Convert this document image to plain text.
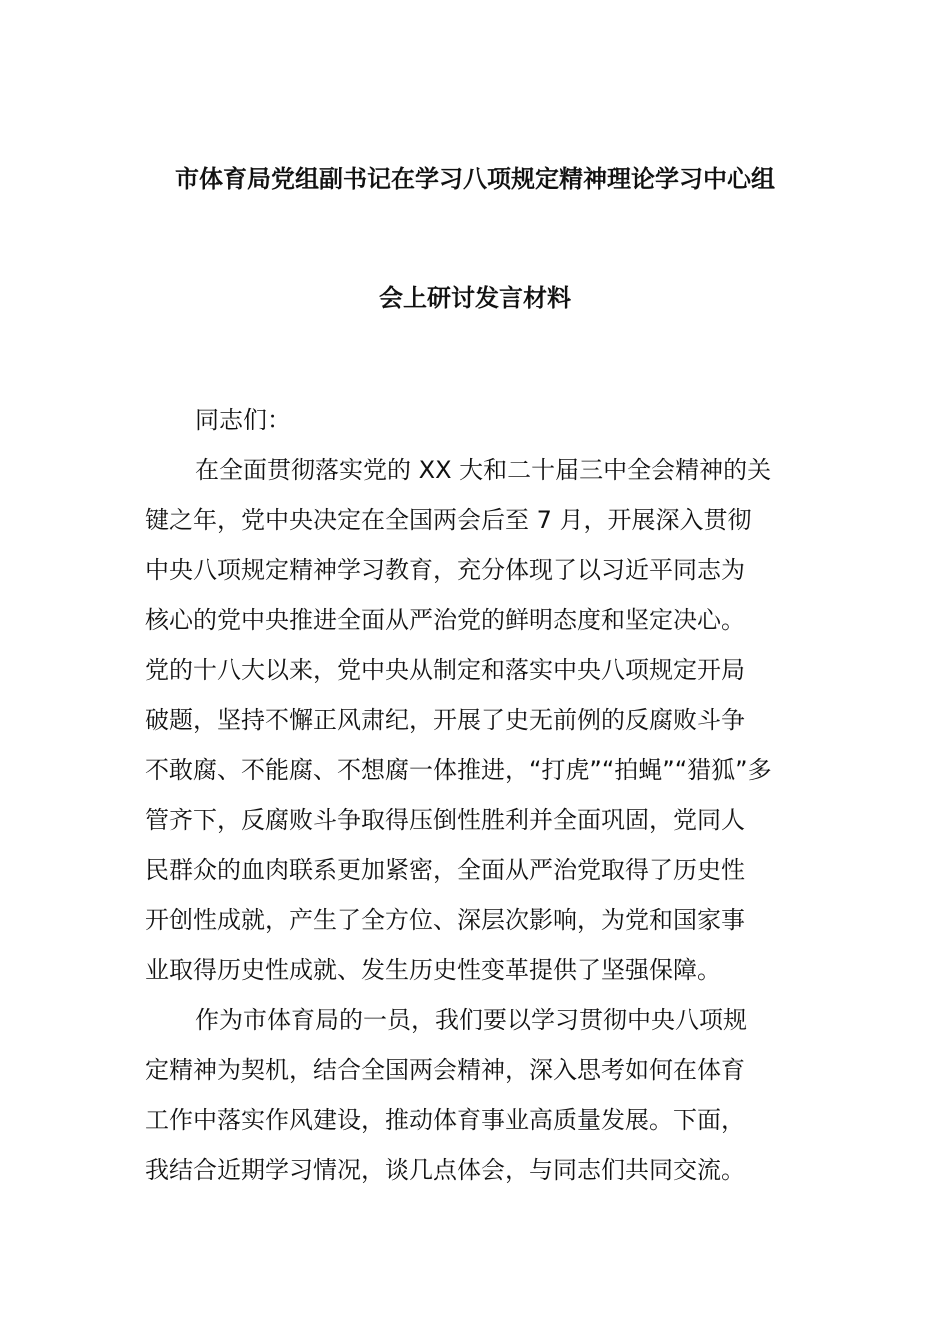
市体育局党组副书记在学习八项规定精神理论学习中心组
会上研讨发言材料
同志们：
在全面贯彻落实党的 XX 大和二十届三中全会精神的关
键之年，党中央决定在全国两会后至 7 月，开展深入贯彻
中央八项规定精神学习教育，充分体现了以习近平同志为
核心的党中央推进全面从严治党的鲜明态度和坚定决心。
党的十八大以来，党中央从制定和落实中央八项规定开局
破题，坚持不懈正风肃纪，开展了史无前例的反腐败斗争
不敢腐、不能腐、不想腐一体推进，“打虎”“拍蝇”“猎狐”多
管齐下，反腐败斗争取得压倒性胜利并全面巩固，党同人
民群众的血肉联系更加紧密，全面从严治党取得了历史性
开创性成就，产生了全方位、深层次影响，为党和国家事
业取得历史性成就、发生历史性变革提供了坚强保障。
作为市体育局的一员，我们要以学习贯彻中央八项规
定精神为契机，结合全国两会精神，深入思考如何在体育
工作中落实作风建设，推动体育事业高质量发展。下面，
我结合近期学习情况，谈几点体会，与同志们共同交流。
